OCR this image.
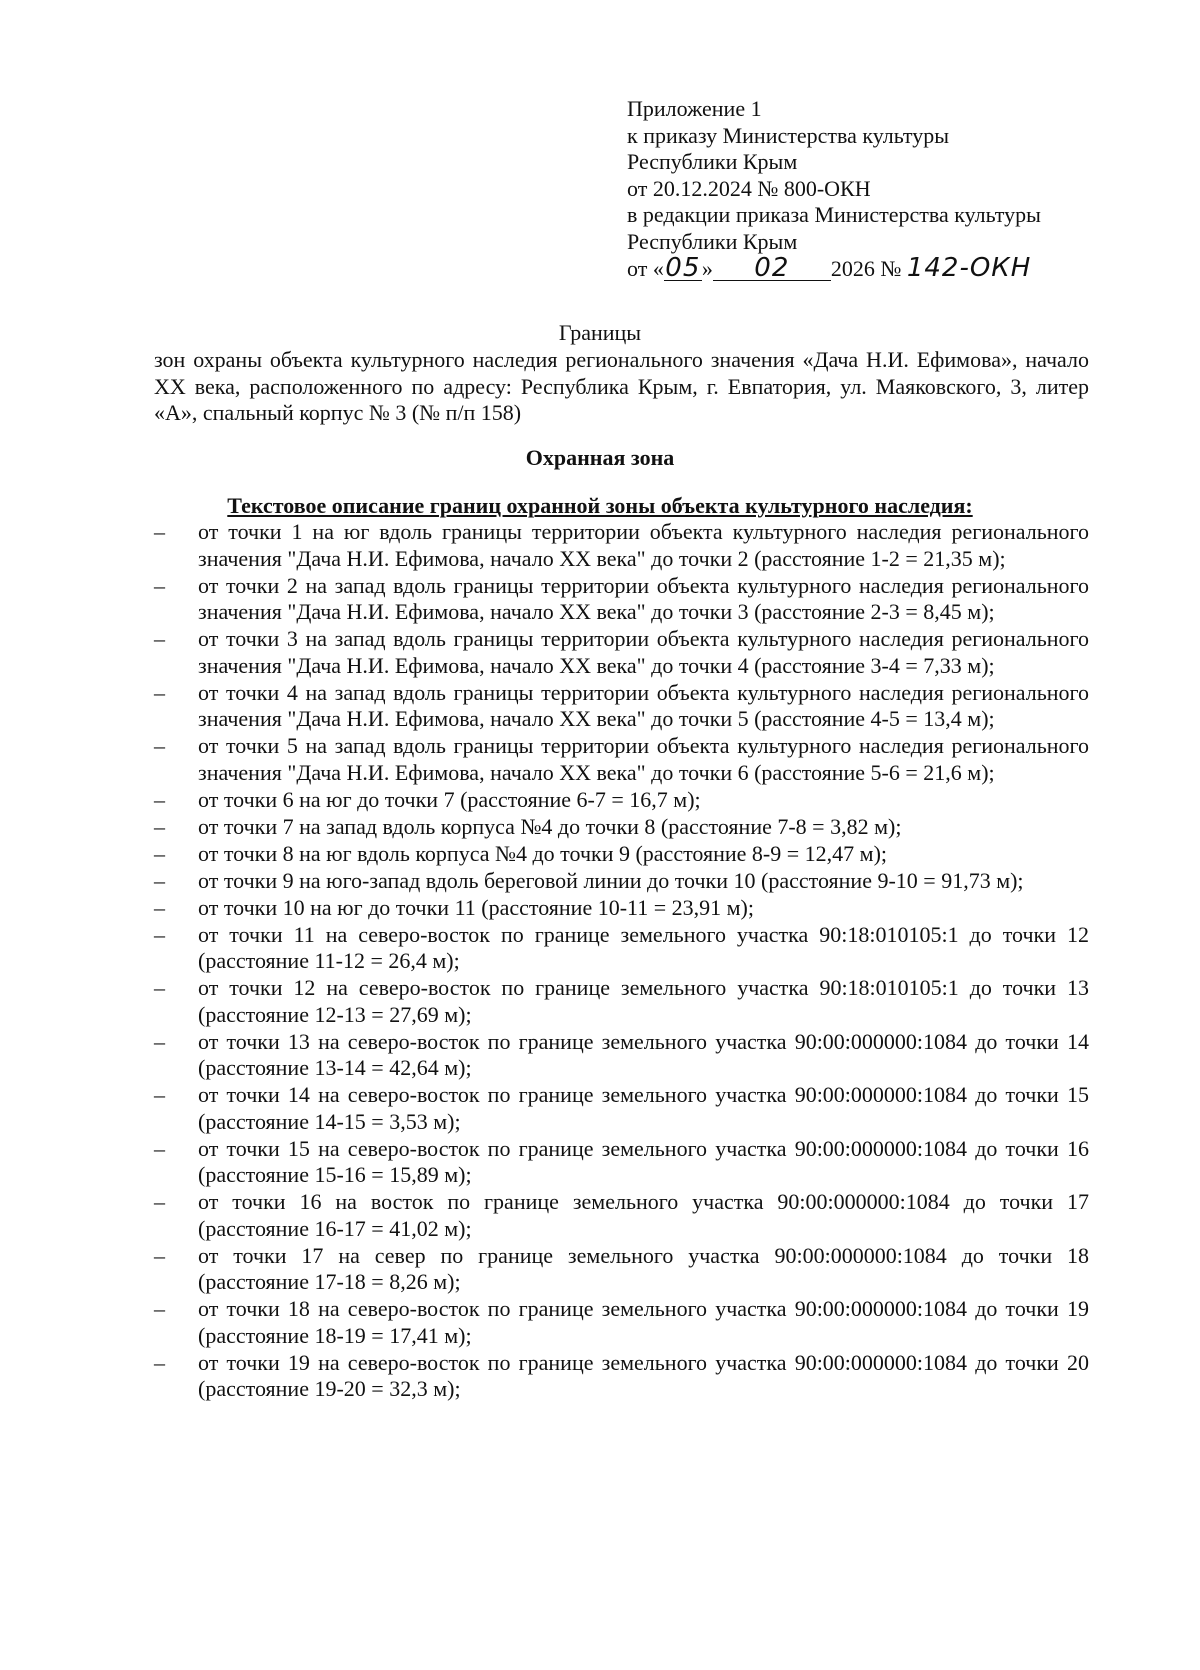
Приложение 1
к приказу Министерства культуры
Республики Крым
от 20.12.2024 № 800-ОКН
в редакции приказа Министерства культуры
Республики Крым
от «05» 02 2026 № 142-ОКН
Границы
зон охраны объекта культурного наследия регионального значения «Дача Н.И. Ефимова», начало XX века, расположенного по адресу: Республика Крым, г. Евпатория, ул. Маяковского, 3, литер «А», спальный корпус № 3 (№ п/п 158)
Охранная зона
Текстовое описание границ охранной зоны объекта культурного наследия:
–	от точки 1 на юг вдоль границы территории объекта культурного наследия регионального значения "Дача Н.И. Ефимова, начало XX века" до точки 2 (расстояние 1-2 = 21,35 м);
–	от точки 2 на запад вдоль границы территории объекта культурного наследия регионального значения "Дача Н.И. Ефимова, начало XX века" до точки 3 (расстояние 2-3 = 8,45 м);
–	от точки 3 на запад вдоль границы территории объекта культурного наследия регионального значения "Дача Н.И. Ефимова, начало XX века" до точки 4 (расстояние 3-4 = 7,33 м);
–	от точки 4 на запад вдоль границы территории объекта культурного наследия регионального значения "Дача Н.И. Ефимова, начало XX века" до точки 5 (расстояние 4-5 = 13,4 м);
–	от точки 5 на запад вдоль границы территории объекта культурного наследия регионального значения "Дача Н.И. Ефимова, начало XX века" до точки 6 (расстояние 5-6 = 21,6 м);
–	от точки 6 на юг до точки 7 (расстояние 6-7 = 16,7 м);
–	от точки 7 на запад вдоль корпуса №4 до точки 8 (расстояние 7-8 = 3,82 м);
–	от точки 8 на юг вдоль корпуса №4 до точки 9 (расстояние 8-9 = 12,47 м);
–	от точки 9 на юго-запад вдоль береговой линии до точки 10 (расстояние 9-10 = 91,73 м);
–	от точки 10 на юг до точки 11 (расстояние 10-11 = 23,91 м);
–	от точки 11 на северо-восток по границе земельного участка 90:18:010105:1 до точки 12 (расстояние 11-12 = 26,4 м);
–	от точки 12 на северо-восток по границе земельного участка 90:18:010105:1 до точки 13 (расстояние 12-13 = 27,69 м);
–	от точки 13 на северо-восток по границе земельного участка 90:00:000000:1084 до точки 14 (расстояние 13-14 = 42,64 м);
–	от точки 14 на северо-восток по границе земельного участка 90:00:000000:1084 до точки 15 (расстояние 14-15 = 3,53 м);
–	от точки 15 на северо-восток по границе земельного участка 90:00:000000:1084 до точки 16 (расстояние 15-16 = 15,89 м);
–	от точки 16 на восток по границе земельного участка 90:00:000000:1084 до точки 17 (расстояние 16-17 = 41,02 м);
–	от точки 17 на север по границе земельного участка 90:00:000000:1084 до точки 18 (расстояние 17-18 = 8,26 м);
–	от точки 18 на северо-восток по границе земельного участка 90:00:000000:1084 до точки 19 (расстояние 18-19 = 17,41 м);
–	от точки 19 на северо-восток по границе земельного участка 90:00:000000:1084 до точки 20 (расстояние 19-20 = 32,3 м);
